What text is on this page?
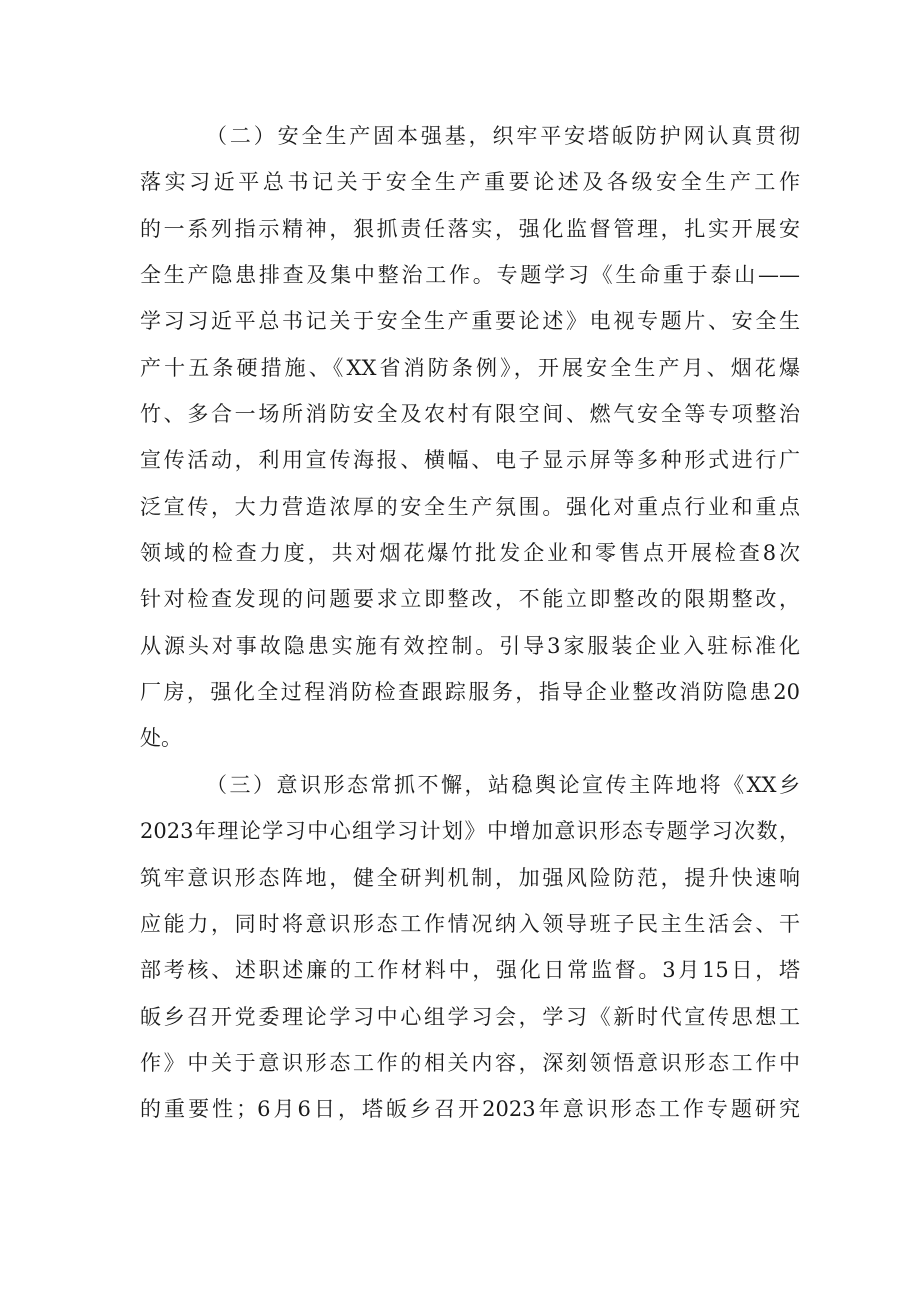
（二）安全生产固本强基，织牢平安塔皈防护网认真贯彻
落实习近平总书记关于安全生产重要论述及各级安全生产工作
的一系列指示精神，狠抓责任落实，强化监督管理，扎实开展安
全生产隐患排查及集中整治工作。专题学习《生命重于泰山——
学习习近平总书记关于安全生产重要论述》电视专题片、安全生
产十五条硬措施、《XX省消防条例》，开展安全生产月、烟花爆
竹、多合一场所消防安全及农村有限空间、燃气安全等专项整治
宣传活动，利用宣传海报、横幅、电子显示屏等多种形式进行广
泛宣传，大力营造浓厚的安全生产氛围。强化对重点行业和重点
领域的检查力度，共对烟花爆竹批发企业和零售点开展检查8次
针对检查发现的问题要求立即整改，不能立即整改的限期整改，
从源头对事故隐患实施有效控制。引导3家服装企业入驻标准化
厂房，强化全过程消防检查跟踪服务，指导企业整改消防隐患20
处。
（三）意识形态常抓不懈，站稳舆论宣传主阵地将《XX乡
2023年理论学习中心组学习计划》中增加意识形态专题学习次数，
筑牢意识形态阵地，健全研判机制，加强风险防范，提升快速响
应能力，同时将意识形态工作情况纳入领导班子民主生活会、干
部考核、述职述廉的工作材料中，强化日常监督。3月15日，塔
皈乡召开党委理论学习中心组学习会，学习《新时代宣传思想工
作》中关于意识形态工作的相关内容，深刻领悟意识形态工作中
的重要性；6月6日，塔皈乡召开2023年意识形态工作专题研究
